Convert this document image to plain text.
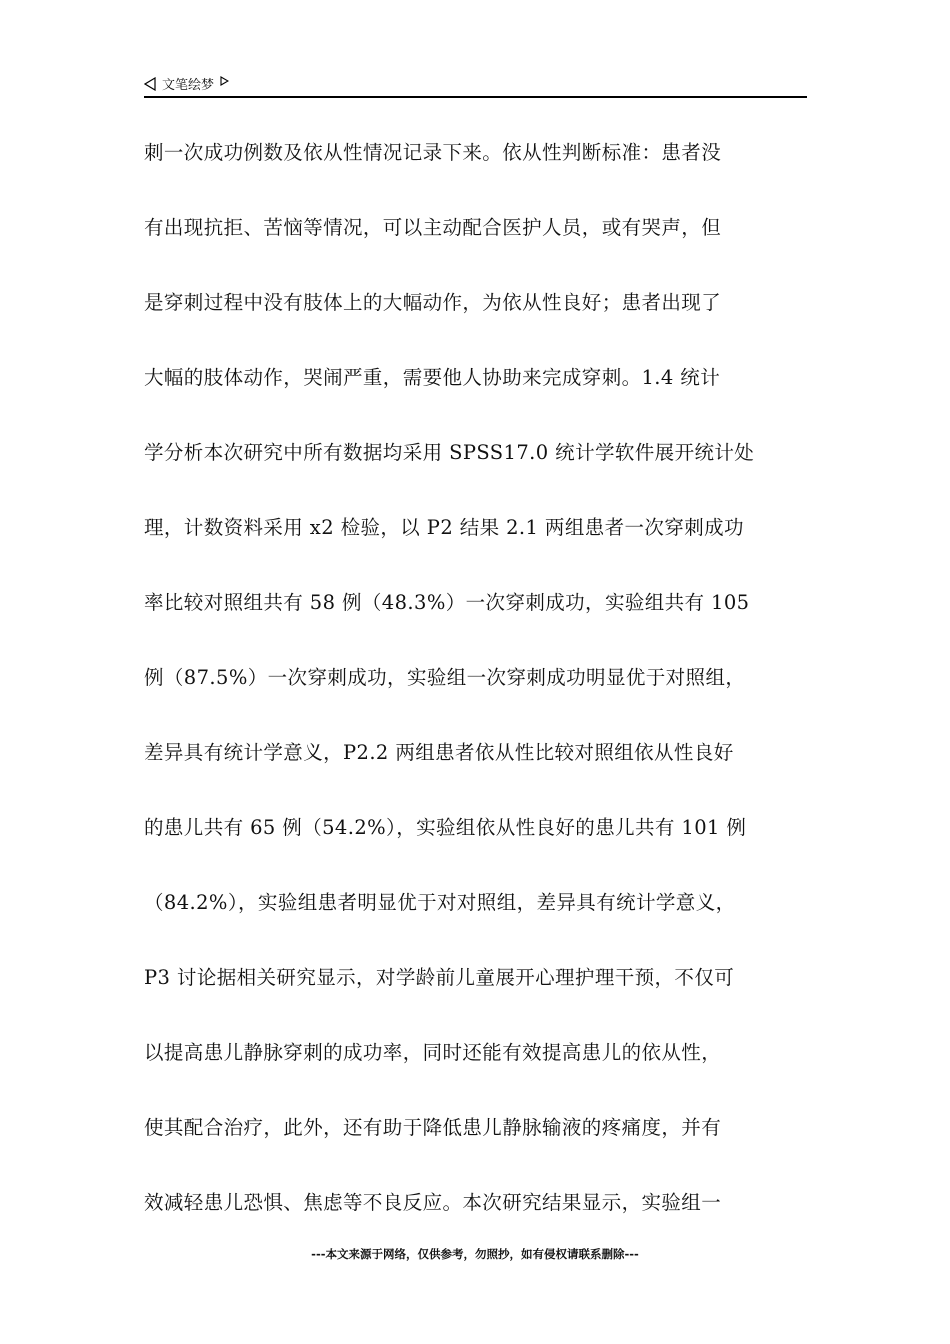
文笔绘梦
刺一次成功例数及依从性情况记录下来。依从性判断标准：患者没
有出现抗拒、苦恼等情况，可以主动配合医护人员，或有哭声，但
是穿刺过程中没有肢体上的大幅动作，为依从性良好；患者出现了
大幅的肢体动作，哭闹严重，需要他人协助来完成穿刺。1.4 统计
学分析本次研究中所有数据均采用 SPSS17.0 统计学软件展开统计处
理，计数资料采用 x2 检验，以 P2 结果 2.1 两组患者一次穿刺成功
率比较对照组共有 58 例（48.3%）一次穿刺成功，实验组共有 105
例（87.5%）一次穿刺成功，实验组一次穿刺成功明显优于对照组，
差异具有统计学意义，P2.2 两组患者依从性比较对照组依从性良好
的患儿共有 65 例（54.2%），实验组依从性良好的患儿共有 101 例
（84.2%），实验组患者明显优于对对照组，差异具有统计学意义，
P3 讨论据相关研究显示，对学龄前儿童展开心理护理干预，不仅可
以提高患儿静脉穿刺的成功率，同时还能有效提高患儿的依从性，
使其配合治疗，此外，还有助于降低患儿静脉输液的疼痛度，并有
效减轻患儿恐惧、焦虑等不良反应。本次研究结果显示，实验组一
---本文来源于网络，仅供参考，勿照抄，如有侵权请联系删除---
